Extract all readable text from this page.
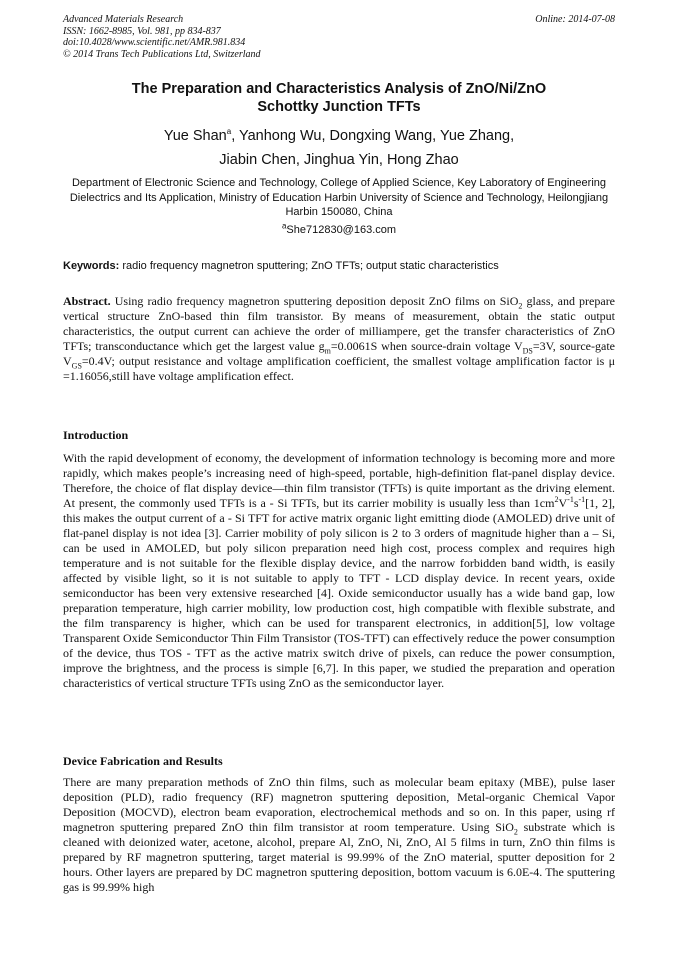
Advanced Materials Research
ISSN: 1662-8985, Vol. 981, pp 834-837
doi:10.4028/www.scientific.net/AMR.981.834
© 2014 Trans Tech Publications Ltd, Switzerland
Online: 2014-07-08
The Preparation and Characteristics Analysis of ZnO/Ni/ZnO
Schottky Junction TFTs
Yue Shan$^a$, Yanhong Wu, Dongxing Wang, Yue Zhang,
Jiabin Chen, Jinghua Yin, Hong Zhao
Department of Electronic Science and Technology, College of Applied Science, Key Laboratory of Engineering Dielectrics and Its Application, Ministry of Education Harbin University of Science and Technology, Heilongjiang Harbin 150080, China
$^a$She712830@163.com
Keywords: radio frequency magnetron sputtering; ZnO TFTs; output static characteristics
Abstract. Using radio frequency magnetron sputtering deposition deposit ZnO films on SiO$_2$ glass, and prepare vertical structure ZnO-based thin film transistor. By means of measurement, obtain the static output characteristics, the output current can achieve the order of milliampere, get the transfer characteristics of ZnO TFTs; transconductance which get the largest value $g_m=0.0061S$ when source-drain voltage $V_{DS}=3V$, source-gate $V_{GS}=0.4V$; output resistance and voltage amplification coefficient, the smallest voltage amplification factor is μ =1.16056,still have voltage amplification effect.
Introduction
With the rapid development of economy, the development of information technology is becoming more and more rapidly, which makes people’s increasing need of high-speed, portable, high-definition flat-panel display device. Therefore, the choice of flat display device—thin film transistor (TFTs) is quite important as the driving element. At present, the commonly used TFTs is a - Si TFTs, but its carrier mobility is usually less than $1cm^2V^{-1}s^{-1}[1$, 2], this makes the output current of a - Si TFT for active matrix organic light emitting diode (AMOLED) drive unit of flat-panel display is not idea [3]. Carrier mobility of poly silicon is 2 to 3 orders of magnitude higher than a – Si, can be used in AMOLED, but poly silicon preparation need high cost, process complex and requires high temperature and is not suitable for the flexible display device, and the narrow forbidden band width, is easily affected by visible light, so it is not suitable to apply to TFT - LCD display device. In recent years, oxide semiconductor has been very extensive researched [4]. Oxide semiconductor usually has a wide band gap, low preparation temperature, high carrier mobility, low production cost, high compatible with flexible substrate, and the film transparency is higher, which can be used for transparent electronics, in addition[5], low voltage Transparent Oxide Semiconductor Thin Film Transistor (TOS-TFT) can effectively reduce the power consumption of the device, thus TOS - TFT as the active matrix switch drive of pixels, can reduce the power consumption, improve the brightness, and the process is simple [6,7]. In this paper, we studied the preparation and operation characteristics of vertical structure TFTs using ZnO as the semiconductor layer.
Device Fabrication and Results
There are many preparation methods of ZnO thin films, such as molecular beam epitaxy (MBE), pulse laser deposition (PLD), radio frequency (RF) magnetron sputtering deposition, Metal-organic Chemical Vapor Deposition (MOCVD), electron beam evaporation, electrochemical methods and so on. In this paper, using rf magnetron sputtering prepared ZnO thin film transistor at room temperature. Using SiO$_2$ substrate which is cleaned with deionized water, acetone, alcohol, prepare Al, ZnO, Ni, ZnO, Al 5 films in turn, ZnO thin films is prepared by RF magnetron sputtering, target material is 99.99% of the ZnO material, sputter deposition for 2 hours. Other layers are prepared by DC magnetron sputtering deposition, bottom vacuum is 6.0E-4. The sputtering gas is 99.99% high
